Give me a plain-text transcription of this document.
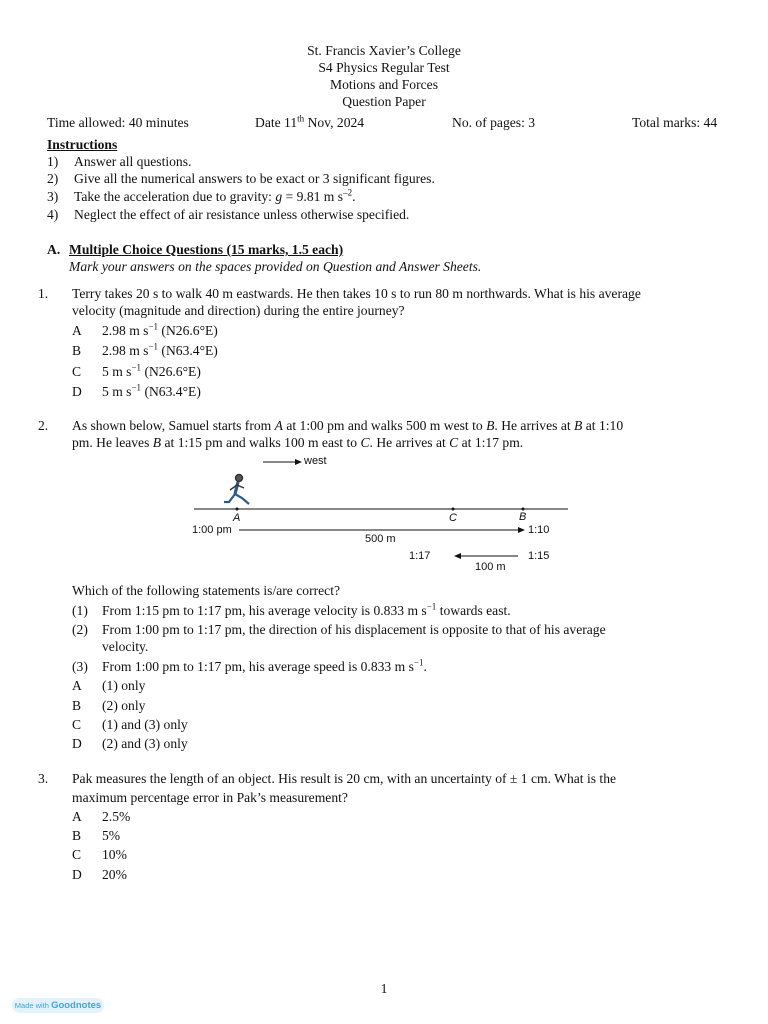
St. Francis Xavier’s College
S4 Physics Regular Test
Motions and Forces
Question Paper
Time allowed: 40 minutes	Date 11th Nov, 2024	No. of pages: 3	Total marks: 44
Instructions
1) Answer all questions.
2) Give all the numerical answers to be exact or 3 significant figures.
3) Take the acceleration due to gravity: g = 9.81 m $s^{-2}$.
4) Neglect the effect of air resistance unless otherwise specified.
A. Multiple Choice Questions (15 marks, 1.5 each)
Mark your answers on the spaces provided on Question and Answer Sheets.
1. Terry takes 20 s to walk 40 m eastwards. He then takes 10 s to run 80 m northwards. What is his average
velocity (magnitude and direction) during the entire journey?
A 2.98 m $s^{-1}$ (N26.6°E)
B 2.98 m $s^{-1}$ (N63.4°E)
C 5 m $s^{-1}$ (N26.6°E)
D 5 m $s^{-1}$ (N63.4°E)
2. As shown below, Samuel starts from A at 1:00 pm and walks 500 m west to B. He arrives at B at 1:10
pm. He leaves B at 1:15 pm and walks 100 m east to C. He arrives at C at 1:17 pm.
west
A	C	B
1:00 pm	1:10
500 m
1:17	1:15
100 m
Which of the following statements is/are correct?
(1) From 1:15 pm to 1:17 pm, his average velocity is 0.833 m $s^{-1}$ towards east.
(2) From 1:00 pm to 1:17 pm, the direction of his displacement is opposite to that of his average
velocity.
(3) From 1:00 pm to 1:17 pm, his average speed is 0.833 m $s^{-1}$.
A (1) only
B (2) only
C (1) and (3) only
D (2) and (3) only
3. Pak measures the length of an object. His result is 20 cm, with an uncertainty of ± 1 cm. What is the
maximum percentage error in Pak’s measurement?
A 2.5%
B 5%
C 10%
D 20%
1
Made with Goodnotes
